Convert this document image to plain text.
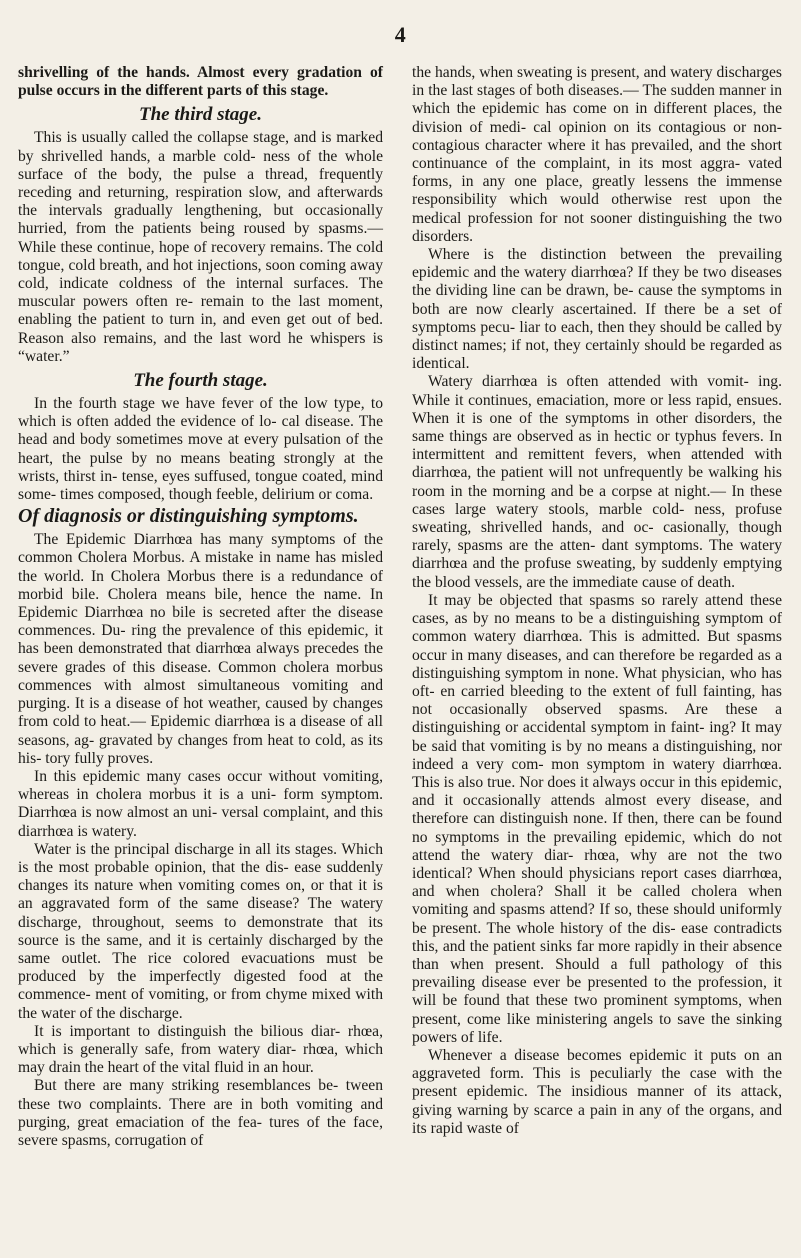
4

shrivelling of the hands. Almost every gradation of pulse occurs in the different parts of this stage.

The third stage.

This is usually called the collapse stage, and is marked by shrivelled hands, a marble cold- ness of the whole surface of the body, the pulse a thread, frequently receding and returning, respiration slow, and afterwards the intervals gradually lengthening, but occasionally hurried, from the patients being roused by spasms.— While these continue, hope of recovery remains. The cold tongue, cold breath, and hot injections, soon coming away cold, indicate coldness of the internal surfaces. The muscular powers often re- remain to the last moment, enabling the patient to turn in, and even get out of bed. Reason also remains, and the last word he whispers is “water.”

The fourth stage.

In the fourth stage we have fever of the low type, to which is often added the evidence of lo- cal disease. The head and body sometimes move at every pulsation of the heart, the pulse by no means beating strongly at the wrists, thirst in- tense, eyes suffused, tongue coated, mind some- times composed, though feeble, delirium or coma.

Of diagnosis or distinguishing symptoms.

The Epidemic Diarrhœa has many symptoms of the common Cholera Morbus. A mistake in name has misled the world. In Cholera Morbus there is a redundance of morbid bile. Cholera means bile, hence the name. In Epidemic Diarrhœa no bile is secreted after the disease commences. Du- ring the prevalence of this epidemic, it has been demonstrated that diarrhœa always precedes the severe grades of this disease. Common cholera morbus commences with almost simultaneous vomiting and purging. It is a disease of hot weather, caused by changes from cold to heat.— Epidemic diarrhœa is a disease of all seasons, ag- gravated by changes from heat to cold, as its his- tory fully proves.

In this epidemic many cases occur without vomiting, whereas in cholera morbus it is a uni- form symptom. Diarrhœa is now almost an uni- versal complaint, and this diarrhœa is watery.

Water is the principal discharge in all its stages. Which is the most probable opinion, that the dis- ease suddenly changes its nature when vomiting comes on, or that it is an aggravated form of the same disease? The watery discharge, throughout, seems to demonstrate that its source is the same, and it is certainly discharged by the same outlet. The rice colored evacuations must be produced by the imperfectly digested food at the commence- ment of vomiting, or from chyme mixed with the water of the discharge.

It is important to distinguish the bilious diar- rhœa, which is generally safe, from watery diar- rhœa, which may drain the heart of the vital fluid in an hour.

But there are many striking resemblances be- tween these two complaints. There are in both vomiting and purging, great emaciation of the fea- tures of the face, severe spasms, corrugation of

the hands, when sweating is present, and watery discharges in the last stages of both diseases.— The sudden manner in which the epidemic has come on in different places, the division of medi- cal opinion on its contagious or non-contagious character where it has prevailed, and the short continuance of the complaint, in its most aggra- vated forms, in any one place, greatly lessens the immense responsibility which would otherwise rest upon the medical profession for not sooner distinguishing the two disorders.

Where is the distinction between the prevailing epidemic and the watery diarrhœa? If they be two diseases the dividing line can be drawn, be- cause the symptoms in both are now clearly ascertained. If there be a set of symptoms pecu- liar to each, then they should be called by distinct names; if not, they certainly should be regarded as identical.

Watery diarrhœa is often attended with vomit- ing. While it continues, emaciation, more or less rapid, ensues. When it is one of the symptoms in other disorders, the same things are observed as in hectic or typhus fevers. In intermittent and remittent fevers, when attended with diarrhœa, the patient will not unfrequently be walking his room in the morning and be a corpse at night.— In these cases large watery stools, marble cold- ness, profuse sweating, shrivelled hands, and oc- casionally, though rarely, spasms are the atten- dant symptoms. The watery diarrhœa and the profuse sweating, by suddenly emptying the blood vessels, are the immediate cause of death.

It may be objected that spasms so rarely attend these cases, as by no means to be a distinguishing symptom of common watery diarrhœa. This is admitted. But spasms occur in many diseases, and can therefore be regarded as a distinguishing symptom in none. What physician, who has oft- en carried bleeding to the extent of full fainting, has not occasionally observed spasms. Are these a distinguishing or accidental symptom in faint- ing? It may be said that vomiting is by no means a distinguishing, nor indeed a very com- mon symptom in watery diarrhœa. This is also true. Nor does it always occur in this epidemic, and it occasionally attends almost every disease, and therefore can distinguish none. If then, there can be found no symptoms in the prevailing epidemic, which do not attend the watery diar- rhœa, why are not the two identical? When should physicians report cases diarrhœa, and when cholera? Shall it be called cholera when vomiting and spasms attend? If so, these should uniformly be present. The whole history of the dis- ease contradicts this, and the patient sinks far more rapidly in their absence than when present. Should a full pathology of this prevailing disease ever be presented to the profession, it will be found that these two prominent symptoms, when present, come like ministering angels to save the sinking powers of life.

Whenever a disease becomes epidemic it puts on an aggraveted form. This is peculiarly the case with the present epidemic. The insidious manner of its attack, giving warning by scarce a pain in any of the organs, and its rapid waste of
